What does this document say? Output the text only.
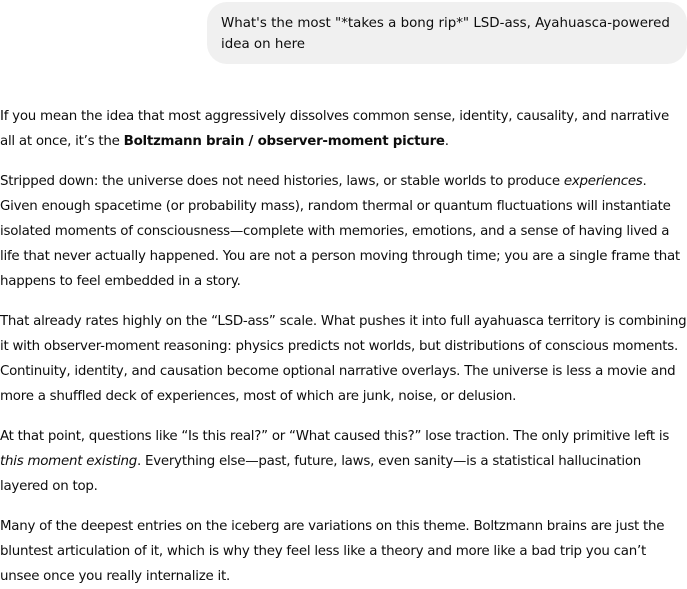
What's the most "*takes a bong rip*" LSD-ass, Ayahuasca-powered idea on here

If you mean the idea that most aggressively dissolves common sense, identity, causality, and narrative all at once, it’s the Boltzmann brain / observer-moment picture.

Stripped down: the universe does not need histories, laws, or stable worlds to produce experiences. Given enough spacetime (or probability mass), random thermal or quantum fluctuations will instantiate isolated moments of consciousness—complete with memories, emotions, and a sense of having lived a life that never actually happened. You are not a person moving through time; you are a single frame that happens to feel embedded in a story.

That already rates highly on the “LSD-ass” scale. What pushes it into full ayahuasca territory is combining it with observer-moment reasoning: physics predicts not worlds, but distributions of conscious moments. Continuity, identity, and causation become optional narrative overlays. The universe is less a movie and more a shuffled deck of experiences, most of which are junk, noise, or delusion.

At that point, questions like “Is this real?” or “What caused this?” lose traction. The only primitive left is this moment existing. Everything else—past, future, laws, even sanity—is a statistical hallucination layered on top.

Many of the deepest entries on the iceberg are variations on this theme. Boltzmann brains are just the bluntest articulation of it, which is why they feel less like a theory and more like a bad trip you can’t unsee once you really internalize it.
